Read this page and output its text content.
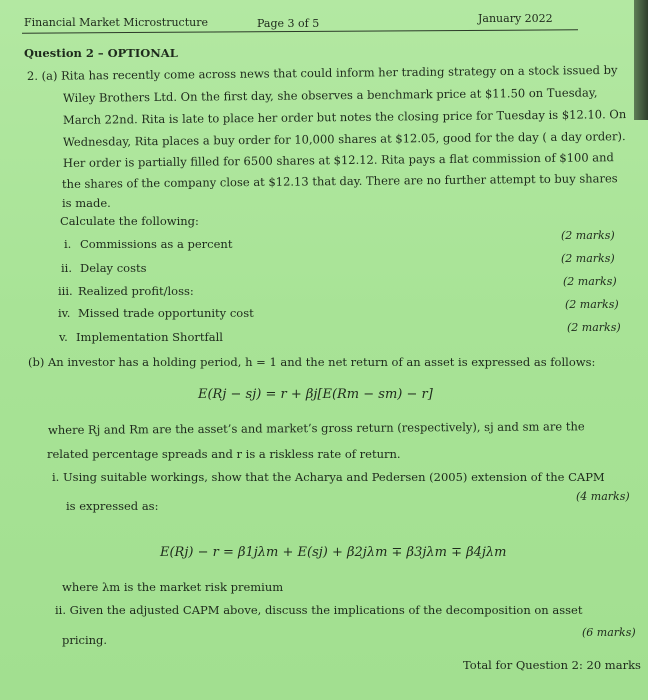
Financial Market Microstructure	Page 3 of 5	January 2022
Question 2 – OPTIONAL
2. (a) Rita has recently come across news that could inform her trading strategy on a stock issued by
Wiley Brothers Ltd. On the first day, she observes a benchmark price at $11.50 on Tuesday,
March 22nd. Rita is late to place her order but notes the closing price for Tuesday is $12.10. On
Wednesday, Rita places a buy order for 10,000 shares at $12.05, good for the day ( a day order).
Her order is partially filled for 6500 shares at $12.12. Rita pays a flat commission of $100 and
the shares of the company close at $12.13 that day. There are no further attempt to buy shares
is made.
Calculate the following:
i. Commissions as a percent
(2 marks)
ii. Delay costs
(2 marks)
iii. Realized profit/loss:
(2 marks)
iv. Missed trade opportunity cost
(2 marks)
v. Implementation Shortfall
(2 marks)
(b) An investor has a holding period, h = 1 and the net return of an asset is expressed as follows:
E(Rj − sj) = r + βj[E(Rm − sm) − r]
where Rj and Rm are the asset’s and market’s gross return (respectively), sj and sm are the
related percentage spreads and r is a riskless rate of return.
i. Using suitable workings, show that the Acharya and Pedersen (2005) extension of the CAPM
is expressed as:
(4 marks)
E(Rj) − r = β1jλm + E(sj) + β2jλm ∓ β3jλm ∓ β4jλm
where λm is the market risk premium
ii. Given the adjusted CAPM above, discuss the implications of the decomposition on asset
pricing.
(6 marks)
Total for Question 2: 20 marks
